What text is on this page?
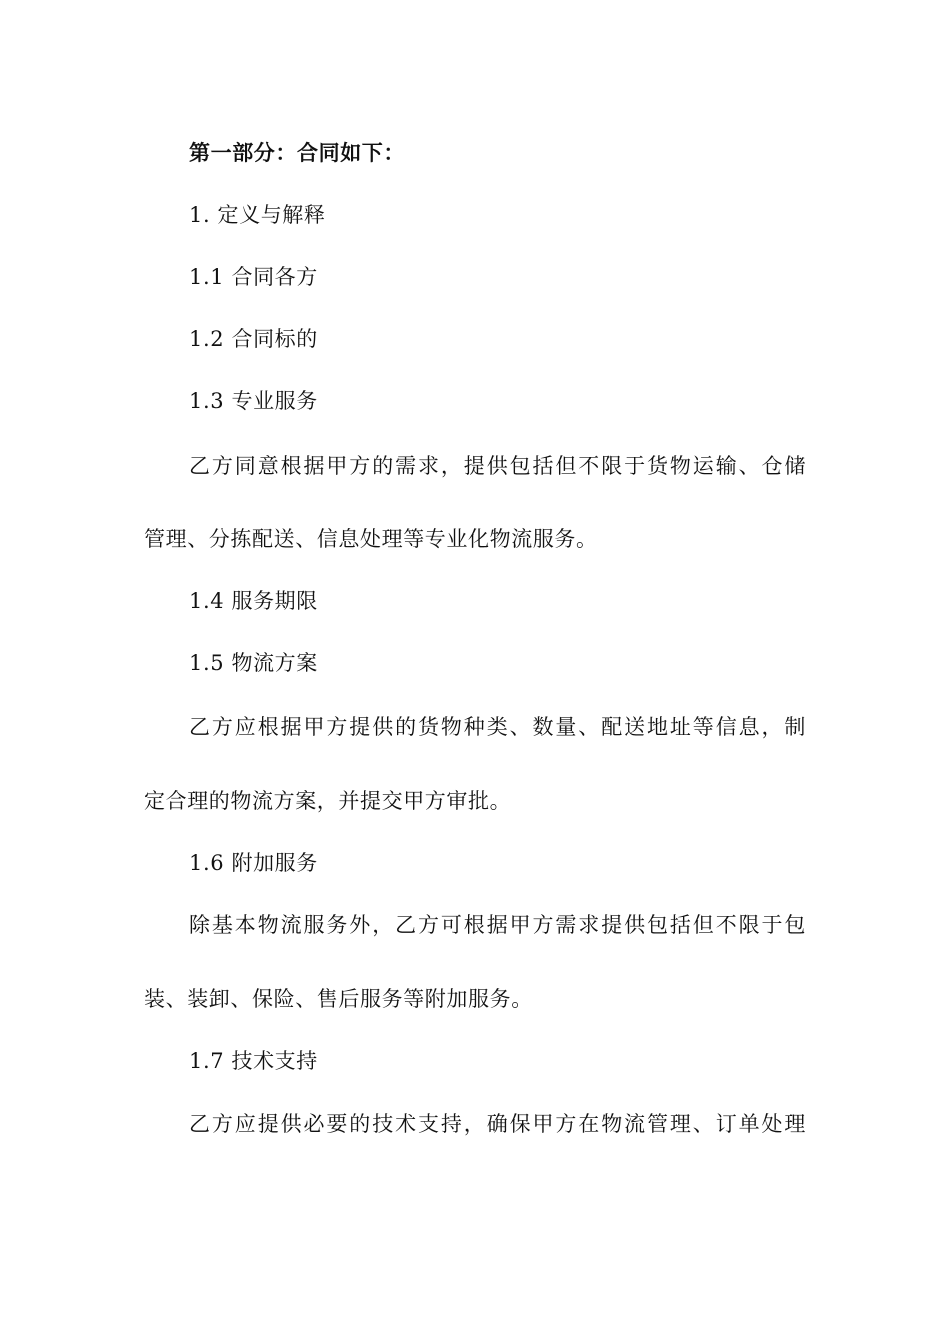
第一部分：合同如下：
1. 定义与解释
1.1 合同各方
1.2 合同标的
1.3 专业服务
乙方同意根据甲方的需求，提供包括但不限于货物运输、仓储
管理、分拣配送、信息处理等专业化物流服务。
1.4 服务期限
1.5 物流方案
乙方应根据甲方提供的货物种类、数量、配送地址等信息，制
定合理的物流方案，并提交甲方审批。
1.6 附加服务
除基本物流服务外，乙方可根据甲方需求提供包括但不限于包
装、装卸、保险、售后服务等附加服务。
1.7 技术支持
乙方应提供必要的技术支持，确保甲方在物流管理、订单处理
